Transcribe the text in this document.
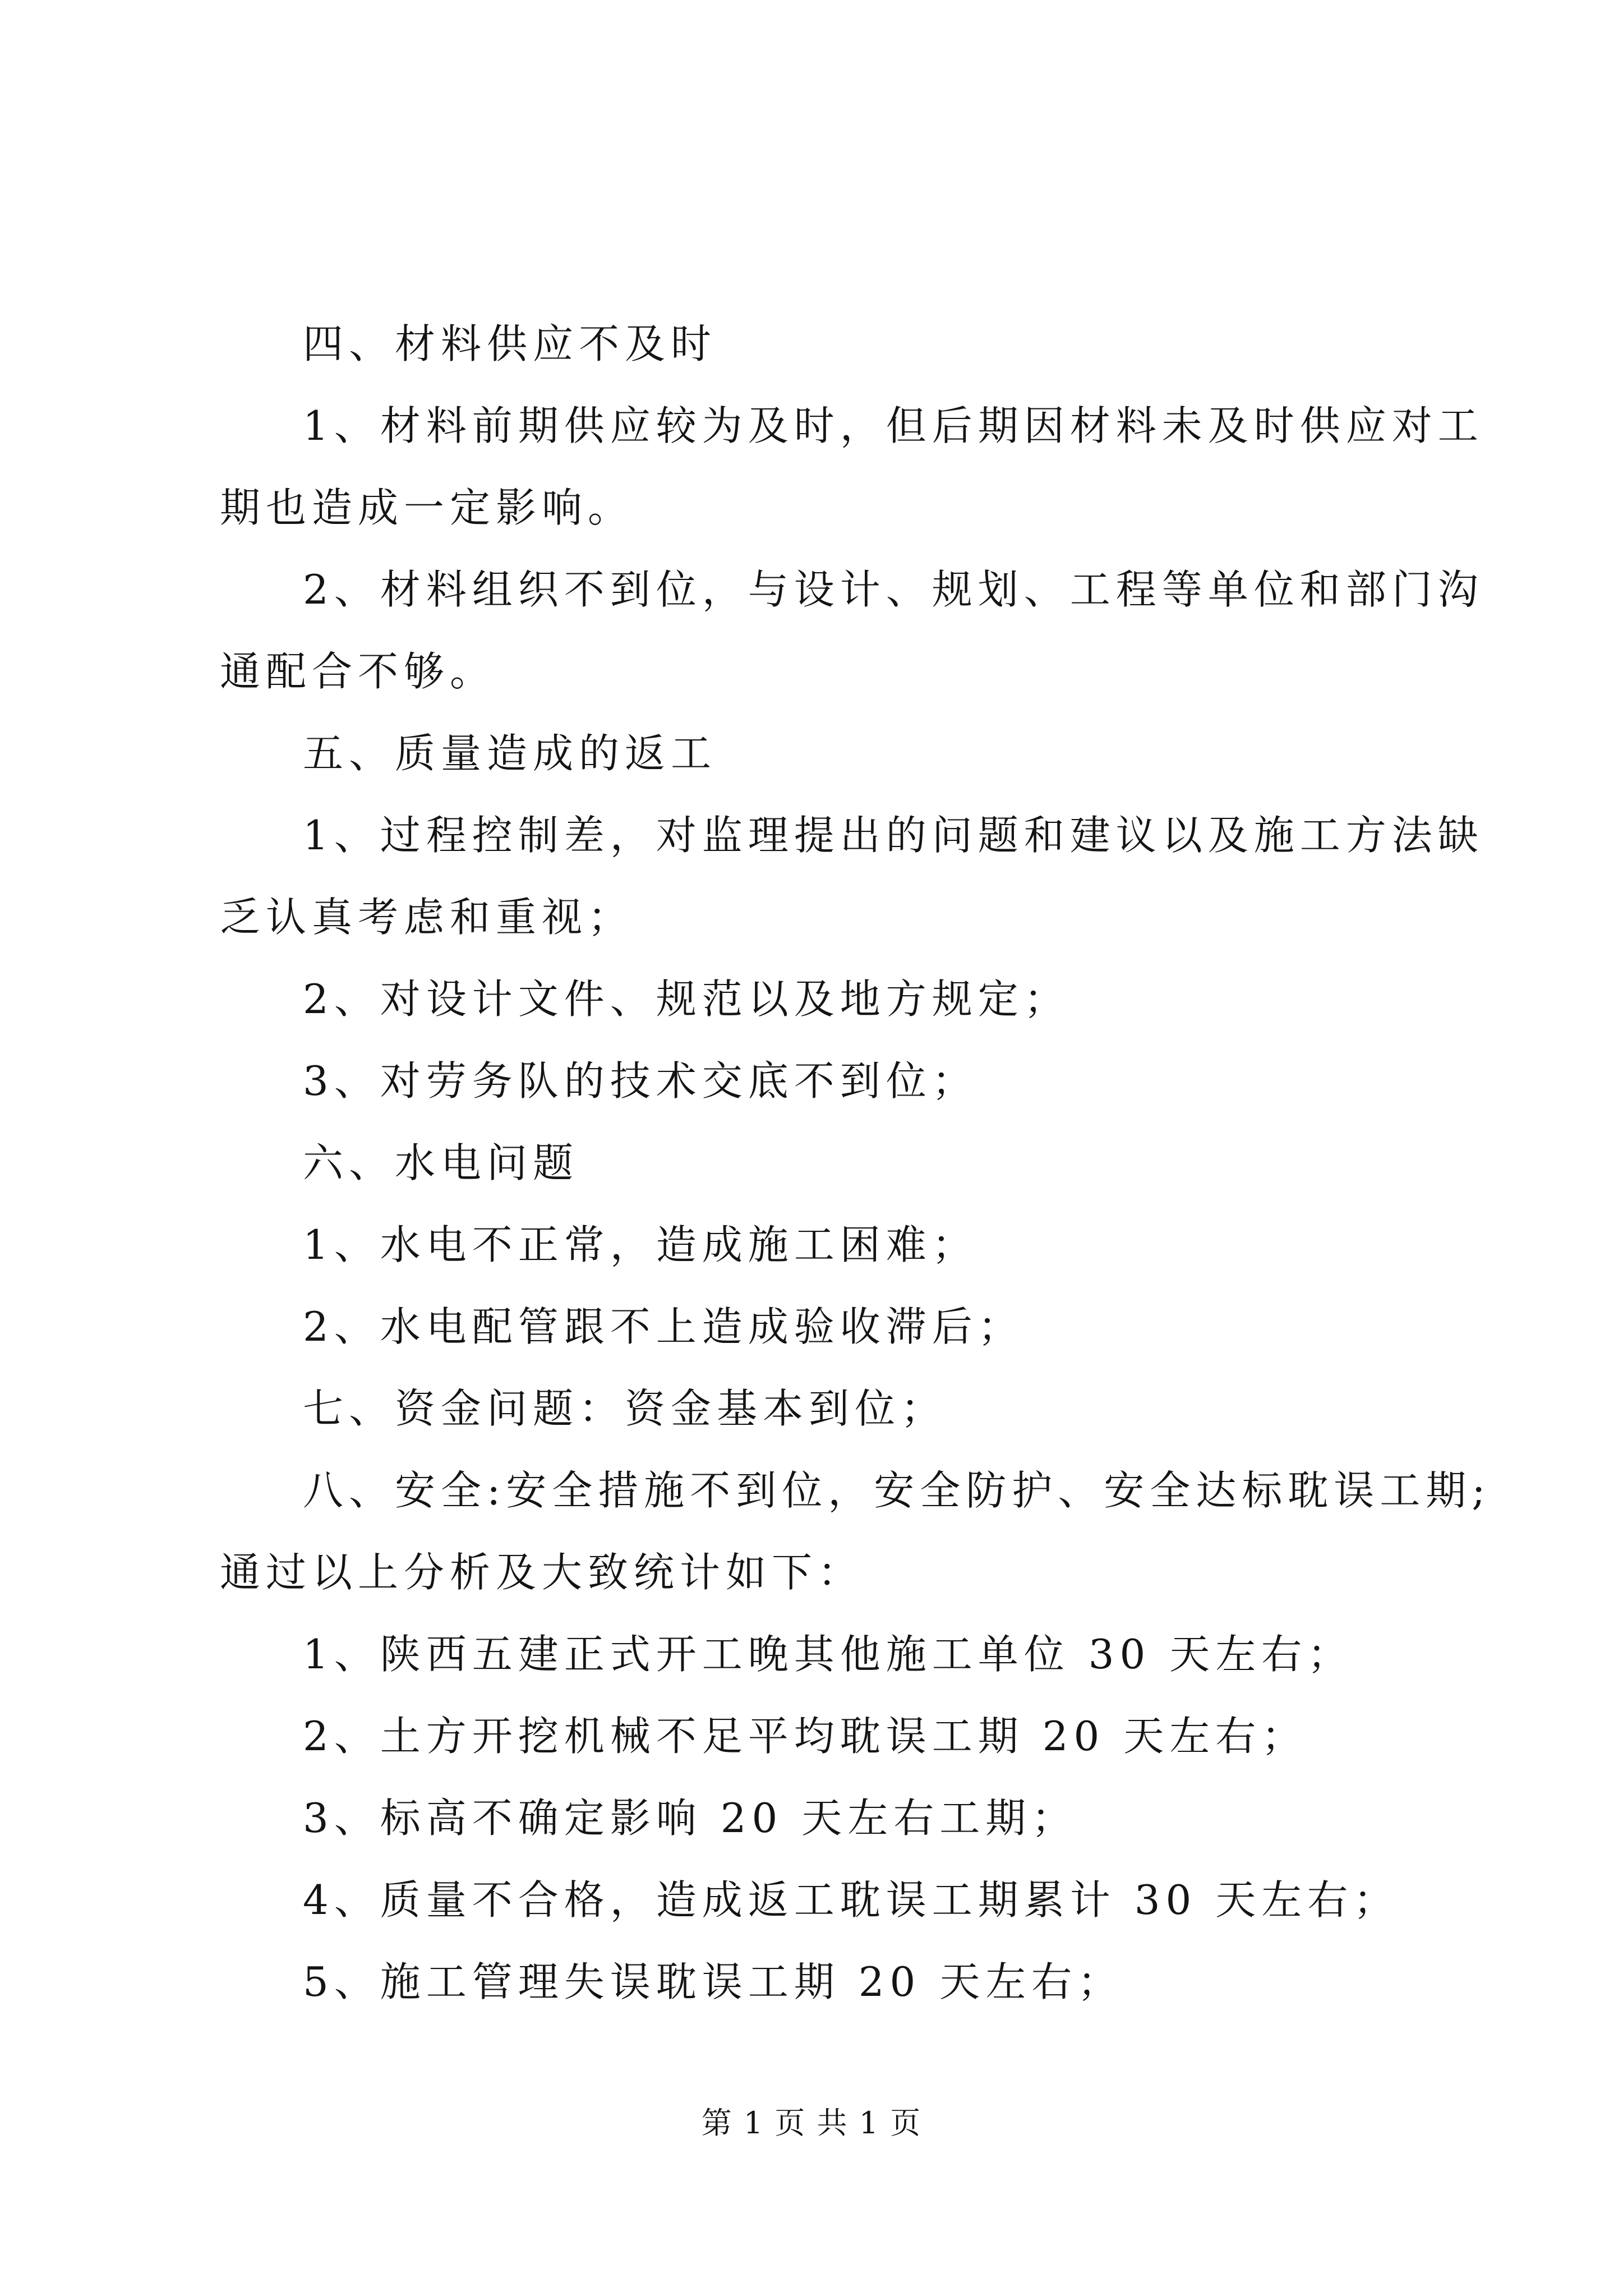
四、材料供应不及时
1、材料前期供应较为及时，但后期因材料未及时供应对工
期也造成一定影响。
2、材料组织不到位，与设计、规划、工程等单位和部门沟
通配合不够。
五、质量造成的返工
1、过程控制差，对监理提出的问题和建议以及施工方法缺
乏认真考虑和重视；
2、对设计文件、规范以及地方规定；
3、对劳务队的技术交底不到位；
六、水电问题
1、水电不正常，造成施工困难；
2、水电配管跟不上造成验收滞后；
七、资金问题：资金基本到位；
八、安全:安全措施不到位，安全防护、安全达标耽误工期;
通过以上分析及大致统计如下：
1、陕西五建正式开工晚其他施工单位 30 天左右；
2、土方开挖机械不足平均耽误工期 20 天左右；
3、标高不确定影响 20 天左右工期；
4、质量不合格，造成返工耽误工期累计 30 天左右；
5、施工管理失误耽误工期 20 天左右；
第 1 页 共 1 页
